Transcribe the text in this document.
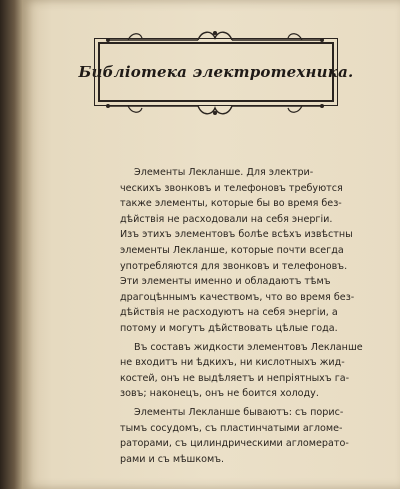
Библіотека электротехника.
Элементы Лекланше. Для электри-
ческихъ звонковъ и телефоновъ требуются
также элементы, которые бы во время без-
дѣйствія не расходовали на себя энергіи.
Изъ этихъ элементовъ болѣе всѣхъ извѣстны
элементы Лекланше, которые почти всегда
употребляются для звонковъ и телефоновъ.
Эти элементы именно и обладаютъ тѣмъ
драгоцѣннымъ качествомъ, что во время без-
дѣйствія не расходуютъ на себя энергіи, а
потому и могутъ дѣйствовать цѣлые года.
Въ составъ жидкости элементовъ Лекланше
не входитъ ни ѣдкихъ, ни кислотныхъ жид-
костей, онъ не выдѣляетъ и непріятныхъ га-
зовъ; наконецъ, онъ не боится холоду.
Элементы Лекланше бываютъ: съ порис-
тымъ сосудомъ, съ пластинчатыми агломе-
раторами, съ цилиндрическими агломерато-
рами и съ мѣшкомъ.
